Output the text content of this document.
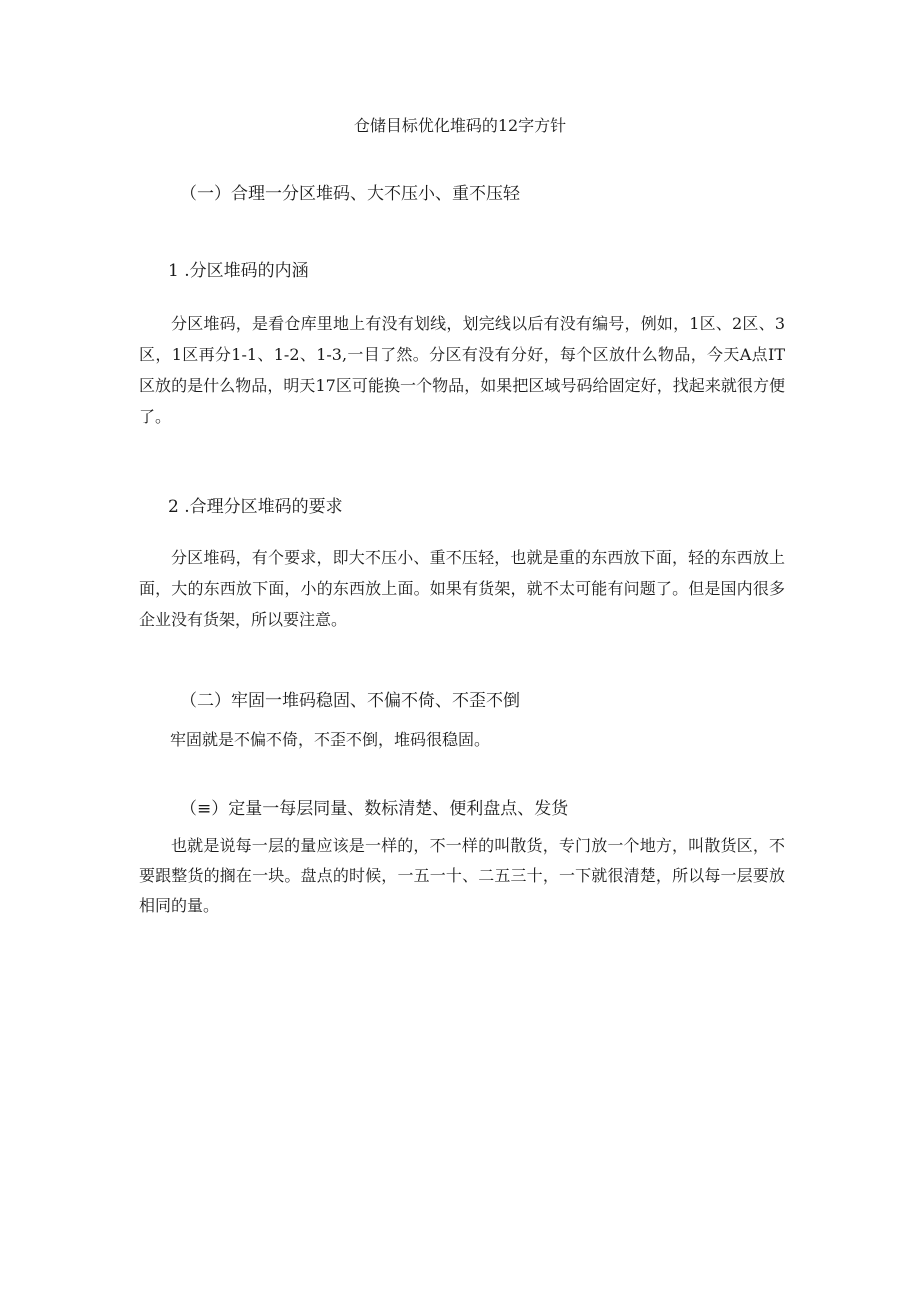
仓储目标优化堆码的12字方针
（一）合理一分区堆码、大不压小、重不压轻
1 .分区堆码的内涵
分区堆码，是看仓库里地上有没有划线，划完线以后有没有编号，例如，1区、2区、3区，1区再分1-1、1-2、1-3,一目了然。分区有没有分好，每个区放什么物品，今天A点IT区放的是什么物品，明天17区可能换一个物品，如果把区域号码给固定好，找起来就很方便了。
2 .合理分区堆码的要求
分区堆码，有个要求，即大不压小、重不压轻，也就是重的东西放下面，轻的东西放上面，大的东西放下面，小的东西放上面。如果有货架，就不太可能有问题了。但是国内很多企业没有货架，所以要注意。
（二）牢固一堆码稳固、不偏不倚、不歪不倒
牢固就是不偏不倚，不歪不倒，堆码很稳固。
（≡）定量一每层同量、数标清楚、便利盘点、发货
也就是说每一层的量应该是一样的，不一样的叫散货，专门放一个地方，叫散货区，不要跟整货的搁在一块。盘点的时候，一五一十、二五三十，一下就很清楚，所以每一层要放相同的量。
